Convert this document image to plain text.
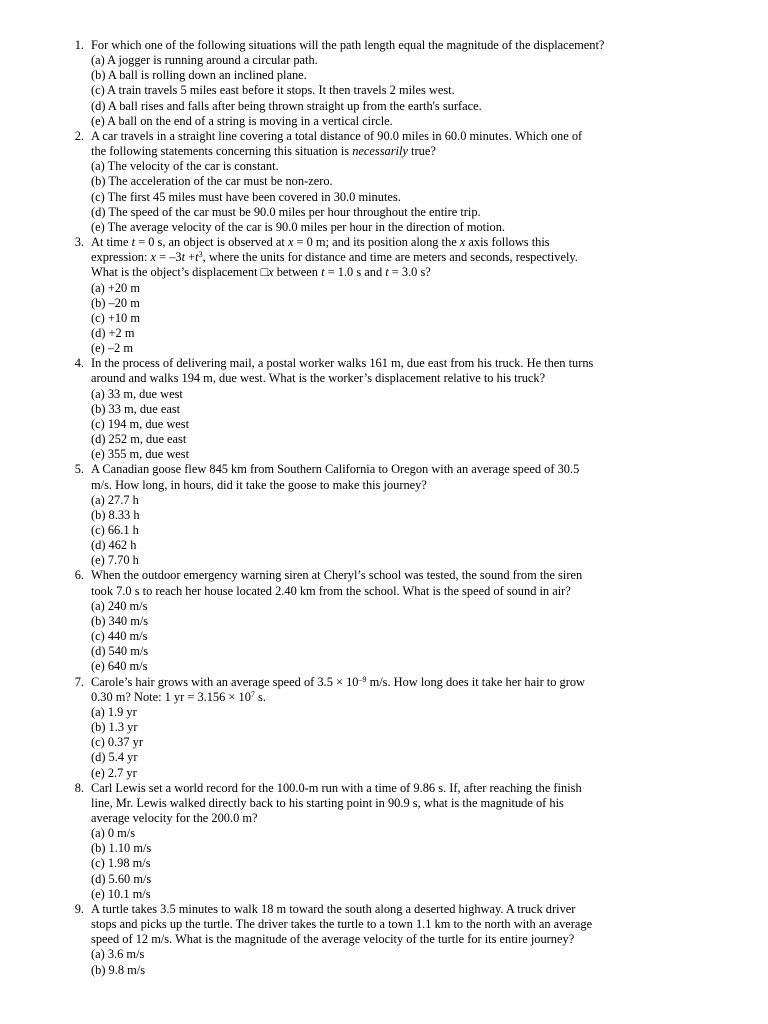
1. For which one of the following situations will the path length equal the magnitude of the displacement?
(a) A jogger is running around a circular path.
(b) A ball is rolling down an inclined plane.
(c) A train travels 5 miles east before it stops. It then travels 2 miles west.
(d) A ball rises and falls after being thrown straight up from the earth's surface.
(e) A ball on the end of a string is moving in a vertical circle.
2. A car travels in a straight line covering a total distance of 90.0 miles in 60.0 minutes. Which one of
the following statements concerning this situation is necessarily true?
(a) The velocity of the car is constant.
(b) The acceleration of the car must be non-zero.
(c) The first 45 miles must have been covered in 30.0 minutes.
(d) The speed of the car must be 90.0 miles per hour throughout the entire trip.
(e) The average velocity of the car is 90.0 miles per hour in the direction of motion.
3. At time t = 0 s, an object is observed at x = 0 m; and its position along the x axis follows this
expression: $x = -3t +t^3$, where the units for distance and time are meters and seconds, respectively.
What is the object’s displacement □x between t = 1.0 s and t = 3.0 s?
(a) +20 m
(b) –20 m
(c) +10 m
(d) +2 m
(e) –2 m
4. In the process of delivering mail, a postal worker walks 161 m, due east from his truck. He then turns
around and walks 194 m, due west. What is the worker’s displacement relative to his truck?
(a) 33 m, due west
(b) 33 m, due east
(c) 194 m, due west
(d) 252 m, due east
(e) 355 m, due west
5. A Canadian goose flew 845 km from Southern California to Oregon with an average speed of 30.5
m/s. How long, in hours, did it take the goose to make this journey?
(a) 27.7 h
(b) 8.33 h
(c) 66.1 h
(d) 462 h
(e) 7.70 h
6. When the outdoor emergency warning siren at Cheryl’s school was tested, the sound from the siren
took 7.0 s to reach her house located 2.40 km from the school. What is the speed of sound in air?
(a) 240 m/s
(b) 340 m/s
(c) 440 m/s
(d) 540 m/s
(e) 640 m/s
7. Carole’s hair grows with an average speed of $3.5 \times 10^{-9}$ m/s. How long does it take her hair to grow
0.30 m? Note: 1 yr = $3.156 \times 10^7$ s.
(a) 1.9 yr
(b) 1.3 yr
(c) 0.37 yr
(d) 5.4 yr
(e) 2.7 yr
8. Carl Lewis set a world record for the 100.0-m run with a time of 9.86 s. If, after reaching the finish
line, Mr. Lewis walked directly back to his starting point in 90.9 s, what is the magnitude of his
average velocity for the 200.0 m?
(a) 0 m/s
(b) 1.10 m/s
(c) 1.98 m/s
(d) 5.60 m/s
(e) 10.1 m/s
9. A turtle takes 3.5 minutes to walk 18 m toward the south along a deserted highway. A truck driver
stops and picks up the turtle. The driver takes the turtle to a town 1.1 km to the north with an average
speed of 12 m/s. What is the magnitude of the average velocity of the turtle for its entire journey?
(a) 3.6 m/s
(b) 9.8 m/s
